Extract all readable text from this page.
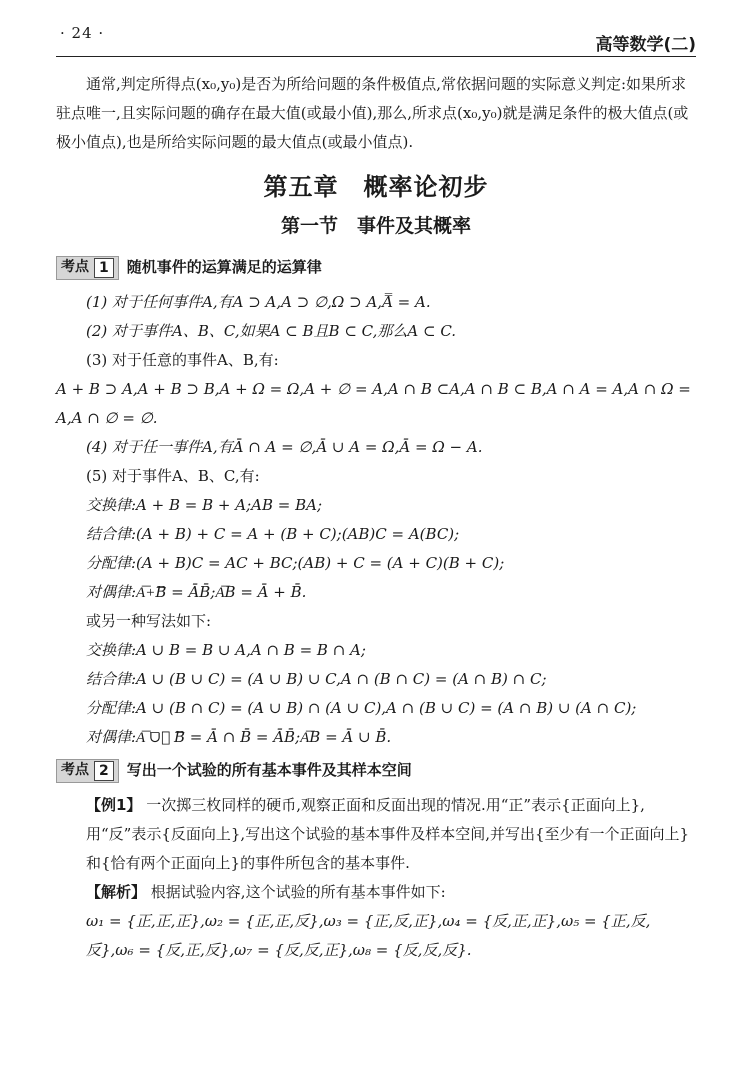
· 24 ·
高等数学(二)

通常,判定所得点(x₀,y₀)是否为所给问题的条件极值点,常依据问题的实际意义判定:如果所求驻点唯一,且实际问题的确存在最大值(或最小值),那么,所求点(x₀,y₀)就是满足条件的极大值点(或极小值点),也是所给实际问题的最大值点(或最小值点).

第五章　概率论初步
第一节　事件及其概率
考点 1	随机事件的运算满足的运算律

(1) 对于任何事件A,有A ⊃ A,A ⊃ ∅,Ω ⊃ A,A̿ = A.

(2) 对于事件A、B、C,如果A ⊂ B且B ⊂ C,那么A ⊂ C.

(3) 对于任意的事件A、B,有:

A + B ⊃ A,A + B ⊃ B,A + Ω = Ω,A + ∅ = A,A ∩ B ⊂A,A ∩ B ⊂ B,A ∩ A = A,A ∩ Ω = A,A ∩ ∅ = ∅.

(4) 对于任一事件A,有Ā ∩ A = ∅,Ā ∪ A = Ω,Ā = Ω − A.

(5) 对于事件A、B、C,有:

交换律:A + B = B + A;AB = BA;

结合律:(A + B) + C = A + (B + C);(AB)C = A(BC);

分配律:(A + B)C = AC + BC;(AB) + C = (A + C)(B + C);

对偶律:A͞+͞B = ĀB̄;A͞B = Ā + B̄.

或另一种写法如下:

交换律:A ∪ B = B ∪ A,A ∩ B = B ∩ A;

结合律:A ∪ (B ∪ C) = (A ∪ B) ∪ C,A ∩ (B ∩ C) = (A ∩ B) ∩ C;

分配律:A ∪ (B ∩ C) = (A ∪ B) ∩ (A ∪ C),A ∩ (B ∪ C) = (A ∩ B) ∪ (A ∩ C);

对偶律:A͞ ͞∪͞ ͞B = Ā ∩ B̄ = ĀB̄;A͞B = Ā ∪ B̄.

考点 2	写出一个试验的所有基本事件及其样本空间

【例1】 一次掷三枚同样的硬币,观察正面和反面出现的情况.用“正”表示{正面向上},用“反”表示{反面向上},写出这个试验的基本事件及样本空间,并写出{至少有一个正面向上}和{恰有两个正面向上}的事件所包含的基本事件.

【解析】 根据试验内容,这个试验的所有基本事件如下:

ω₁ = {正,正,正},ω₂ = {正,正,反},ω₃ = {正,反,正},ω₄ = {反,正,正},ω₅ = {正,反,反},ω₆ = {反,正,反},ω₇ = {反,反,正},ω₈ = {反,反,反}.
